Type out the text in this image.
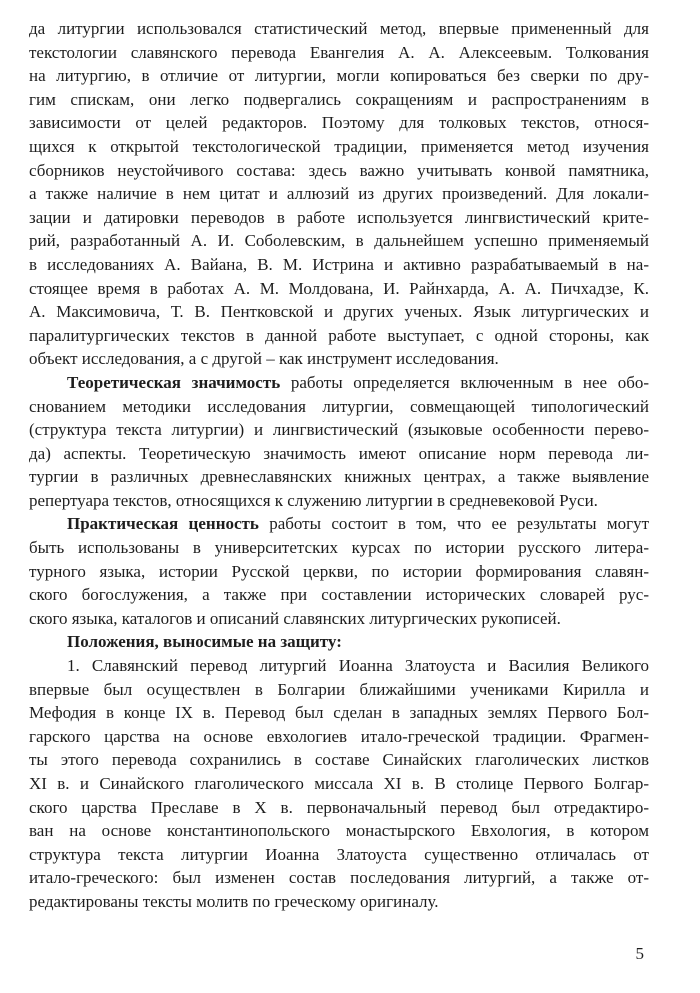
да литургии использовался статистический метод, впервые примененный для
текстологии славянского перевода Евангелия А. А. Алексеевым. Толкования
на литургию, в отличие от литургии, могли копироваться без сверки по дру-
гим спискам, они легко подвергались сокращениям и распространениям в
зависимости от целей редакторов. Поэтому для толковых текстов, относя-
щихся к открытой текстологической традиции, применяется метод изучения
сборников неустойчивого состава: здесь важно учитывать конвой памятника,
а также наличие в нем цитат и аллюзий из других произведений. Для локали-
зации и датировки переводов в работе используется лингвистический крите-
рий, разработанный А. И. Соболевским, в дальнейшем успешно применяемый
в исследованиях А. Вайана, В. М. Истрина и активно разрабатываемый в на-
стоящее время в работах А. М. Молдована, И. Райнхарда, А. А. Пичхадзе, К.
А. Максимовича, Т. В. Пентковской и других ученых. Язык литургических и
паралитургических текстов в данной работе выступает, с одной стороны, как
объект исследования, а с другой – как инструмент исследования.
Теоретическая значимость работы определяется включенным в нее обо-
снованием методики исследования литургии, совмещающей типологический
(структура текста литургии) и лингвистический (языковые особенности перево-
да) аспекты. Теоретическую значимость имеют описание норм перевода ли-
тургии в различных древнеславянских книжных центрах, а также выявление
репертуара текстов, относящихся к служению литургии в средневековой Руси.
Практическая ценность работы состоит в том, что ее результаты могут
быть использованы в университетских курсах по истории русского литера-
турного языка, истории Русской церкви, по истории формирования славян-
ского богослужения, а также при составлении исторических словарей рус-
ского языка, каталогов и описаний славянских литургических рукописей.
Положения, выносимые на защиту:
1. Славянский перевод литургий Иоанна Златоуста и Василия Великого
впервые был осуществлен в Болгарии ближайшими учениками Кирилла и
Мефодия в конце IX в. Перевод был сделан в западных землях Первого Бол-
гарского царства на основе евхологиев итало-греческой традиции. Фрагмен-
ты этого перевода сохранились в составе Синайских глаголических листков
XI в. и Синайского глаголического миссала XI в. В столице Первого Болгар-
ского царства Преславе в X в. первоначальный перевод был отредактиро-
ван на основе константинопольского монастырского Евхология, в котором
структура текста литургии Иоанна Златоуста существенно отличалась от
итало-греческого: был изменен состав последования литургий, а также от-
редактированы тексты молитв по греческому оригиналу.
5
